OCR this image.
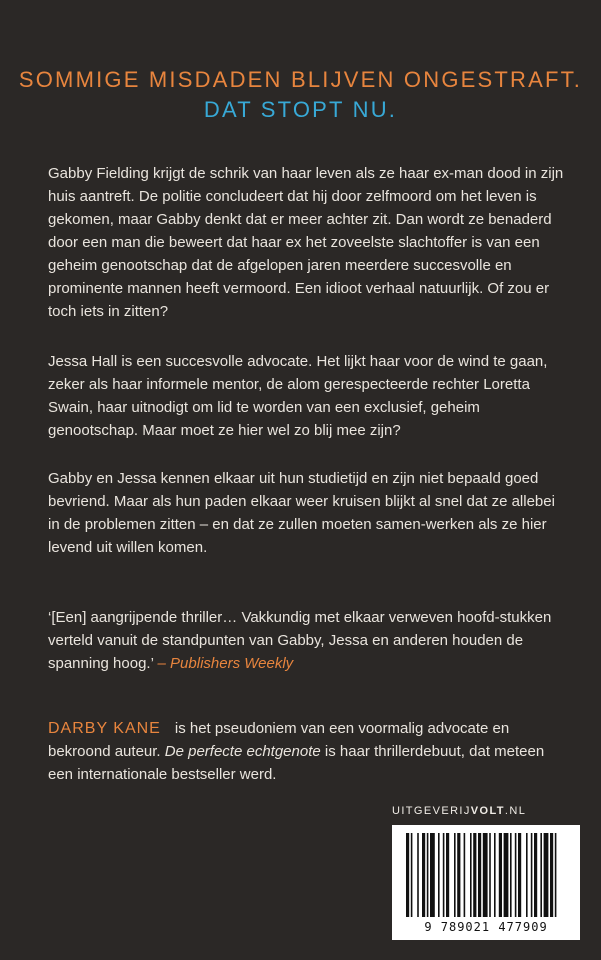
SOMMIGE MISDADEN BLIJVEN ONGESTRAFT.
DAT STOPT NU.

Gabby Fielding krijgt de schrik van haar leven als ze haar ex-man dood in zijn huis aantreft. De politie concludeert dat hij door zelfmoord om het leven is gekomen, maar Gabby denkt dat er meer achter zit. Dan wordt ze benaderd door een man die beweert dat haar ex het zoveelste slachtoffer is van een geheim genootschap dat de afgelopen jaren meerdere succesvolle en prominente mannen heeft vermoord. Een idioot verhaal natuurlijk. Of zou er toch iets in zitten?

Jessa Hall is een succesvolle advocate. Het lijkt haar voor de wind te gaan, zeker als haar informele mentor, de alom gerespecteerde rechter Loretta Swain, haar uitnodigt om lid te worden van een exclusief, geheim genootschap. Maar moet ze hier wel zo blij mee zijn?

Gabby en Jessa kennen elkaar uit hun studietijd en zijn niet bepaald goed bevriend. Maar als hun paden elkaar weer kruisen blijkt al snel dat ze allebei in de problemen zitten – en dat ze zullen moeten samen-werken als ze hier levend uit willen komen.

‘[Een] aangrijpende thriller… Vakkundig met elkaar verweven hoofd-stukken verteld vanuit de standpunten van Gabby, Jessa en anderen houden de spanning hoog.’ – Publishers Weekly

DARBY KANE is het pseudoniem van een voormalig advocate en bekroond auteur. De perfecte echtgenote is haar thrillerdebuut, dat meteen een internationale bestseller werd.

UITGEVERIJVOLT.NL
9 789021 477909
